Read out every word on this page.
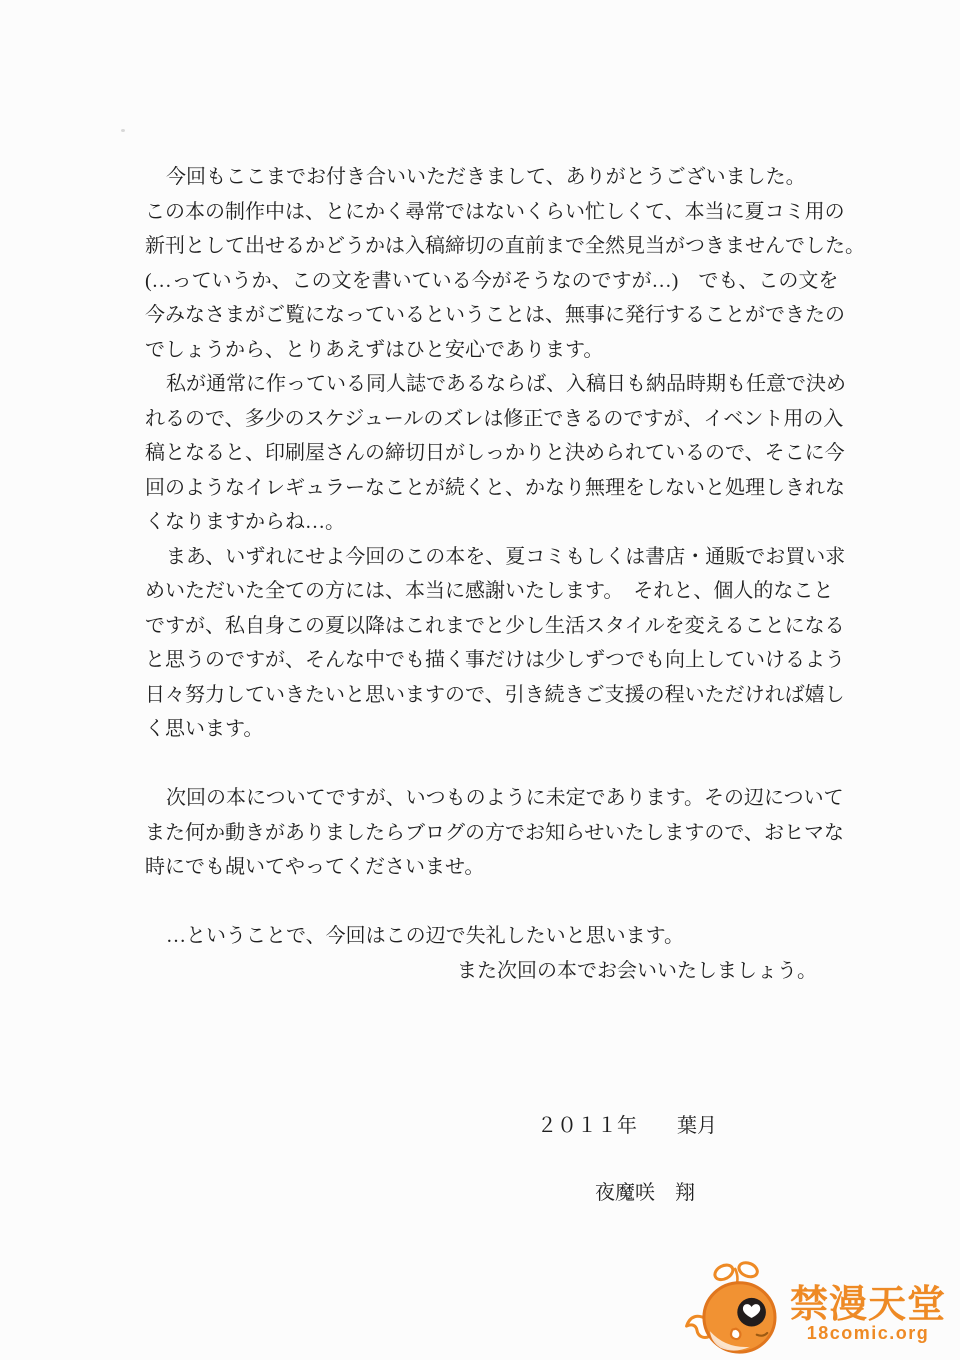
今回もここまでお付き合いいただきまして、ありがとうございました。
この本の制作中は、とにかく尋常ではないくらい忙しくて、本当に夏コミ用の
新刊として出せるかどうかは入稿締切の直前まで全然見当がつきませんでした。
(…っていうか、この文を書いている今がそうなのですが…)　でも、この文を
今みなさまがご覧になっているということは、無事に発行することができたの
でしょうから、とりあえずはひと安心であります。

私が通常に作っている同人誌であるならば、入稿日も納品時期も任意で決め
れるので、多少のスケジュールのズレは修正できるのですが、イベント用の入
稿となると、印刷屋さんの締切日がしっかりと決められているので、そこに今
回のようなイレギュラーなことが続くと、かなり無理をしないと処理しきれな
くなりますからね…。

まあ、いずれにせよ今回のこの本を、夏コミもしくは書店・通販でお買い求
めいただいた全ての方には、本当に感謝いたします。　それと、個人的なこと
ですが、私自身この夏以降はこれまでと少し生活スタイルを変えることになる
と思うのですが、そんな中でも描く事だけは少しずつでも向上していけるよう
日々努力していきたいと思いますので、引き続きご支援の程いただければ嬉し
く思います。

次回の本についてですが、いつものように未定であります。その辺について
また何か動きがありましたらブログの方でお知らせいたしますので、おヒマな
時にでも覘いてやってくださいませ。

…ということで、今回はこの辺で失礼したいと思います。
また次回の本でお会いいたしましょう。

２０１１年　　葉月
夜魔咲　翔
禁漫天堂
18comic.org
